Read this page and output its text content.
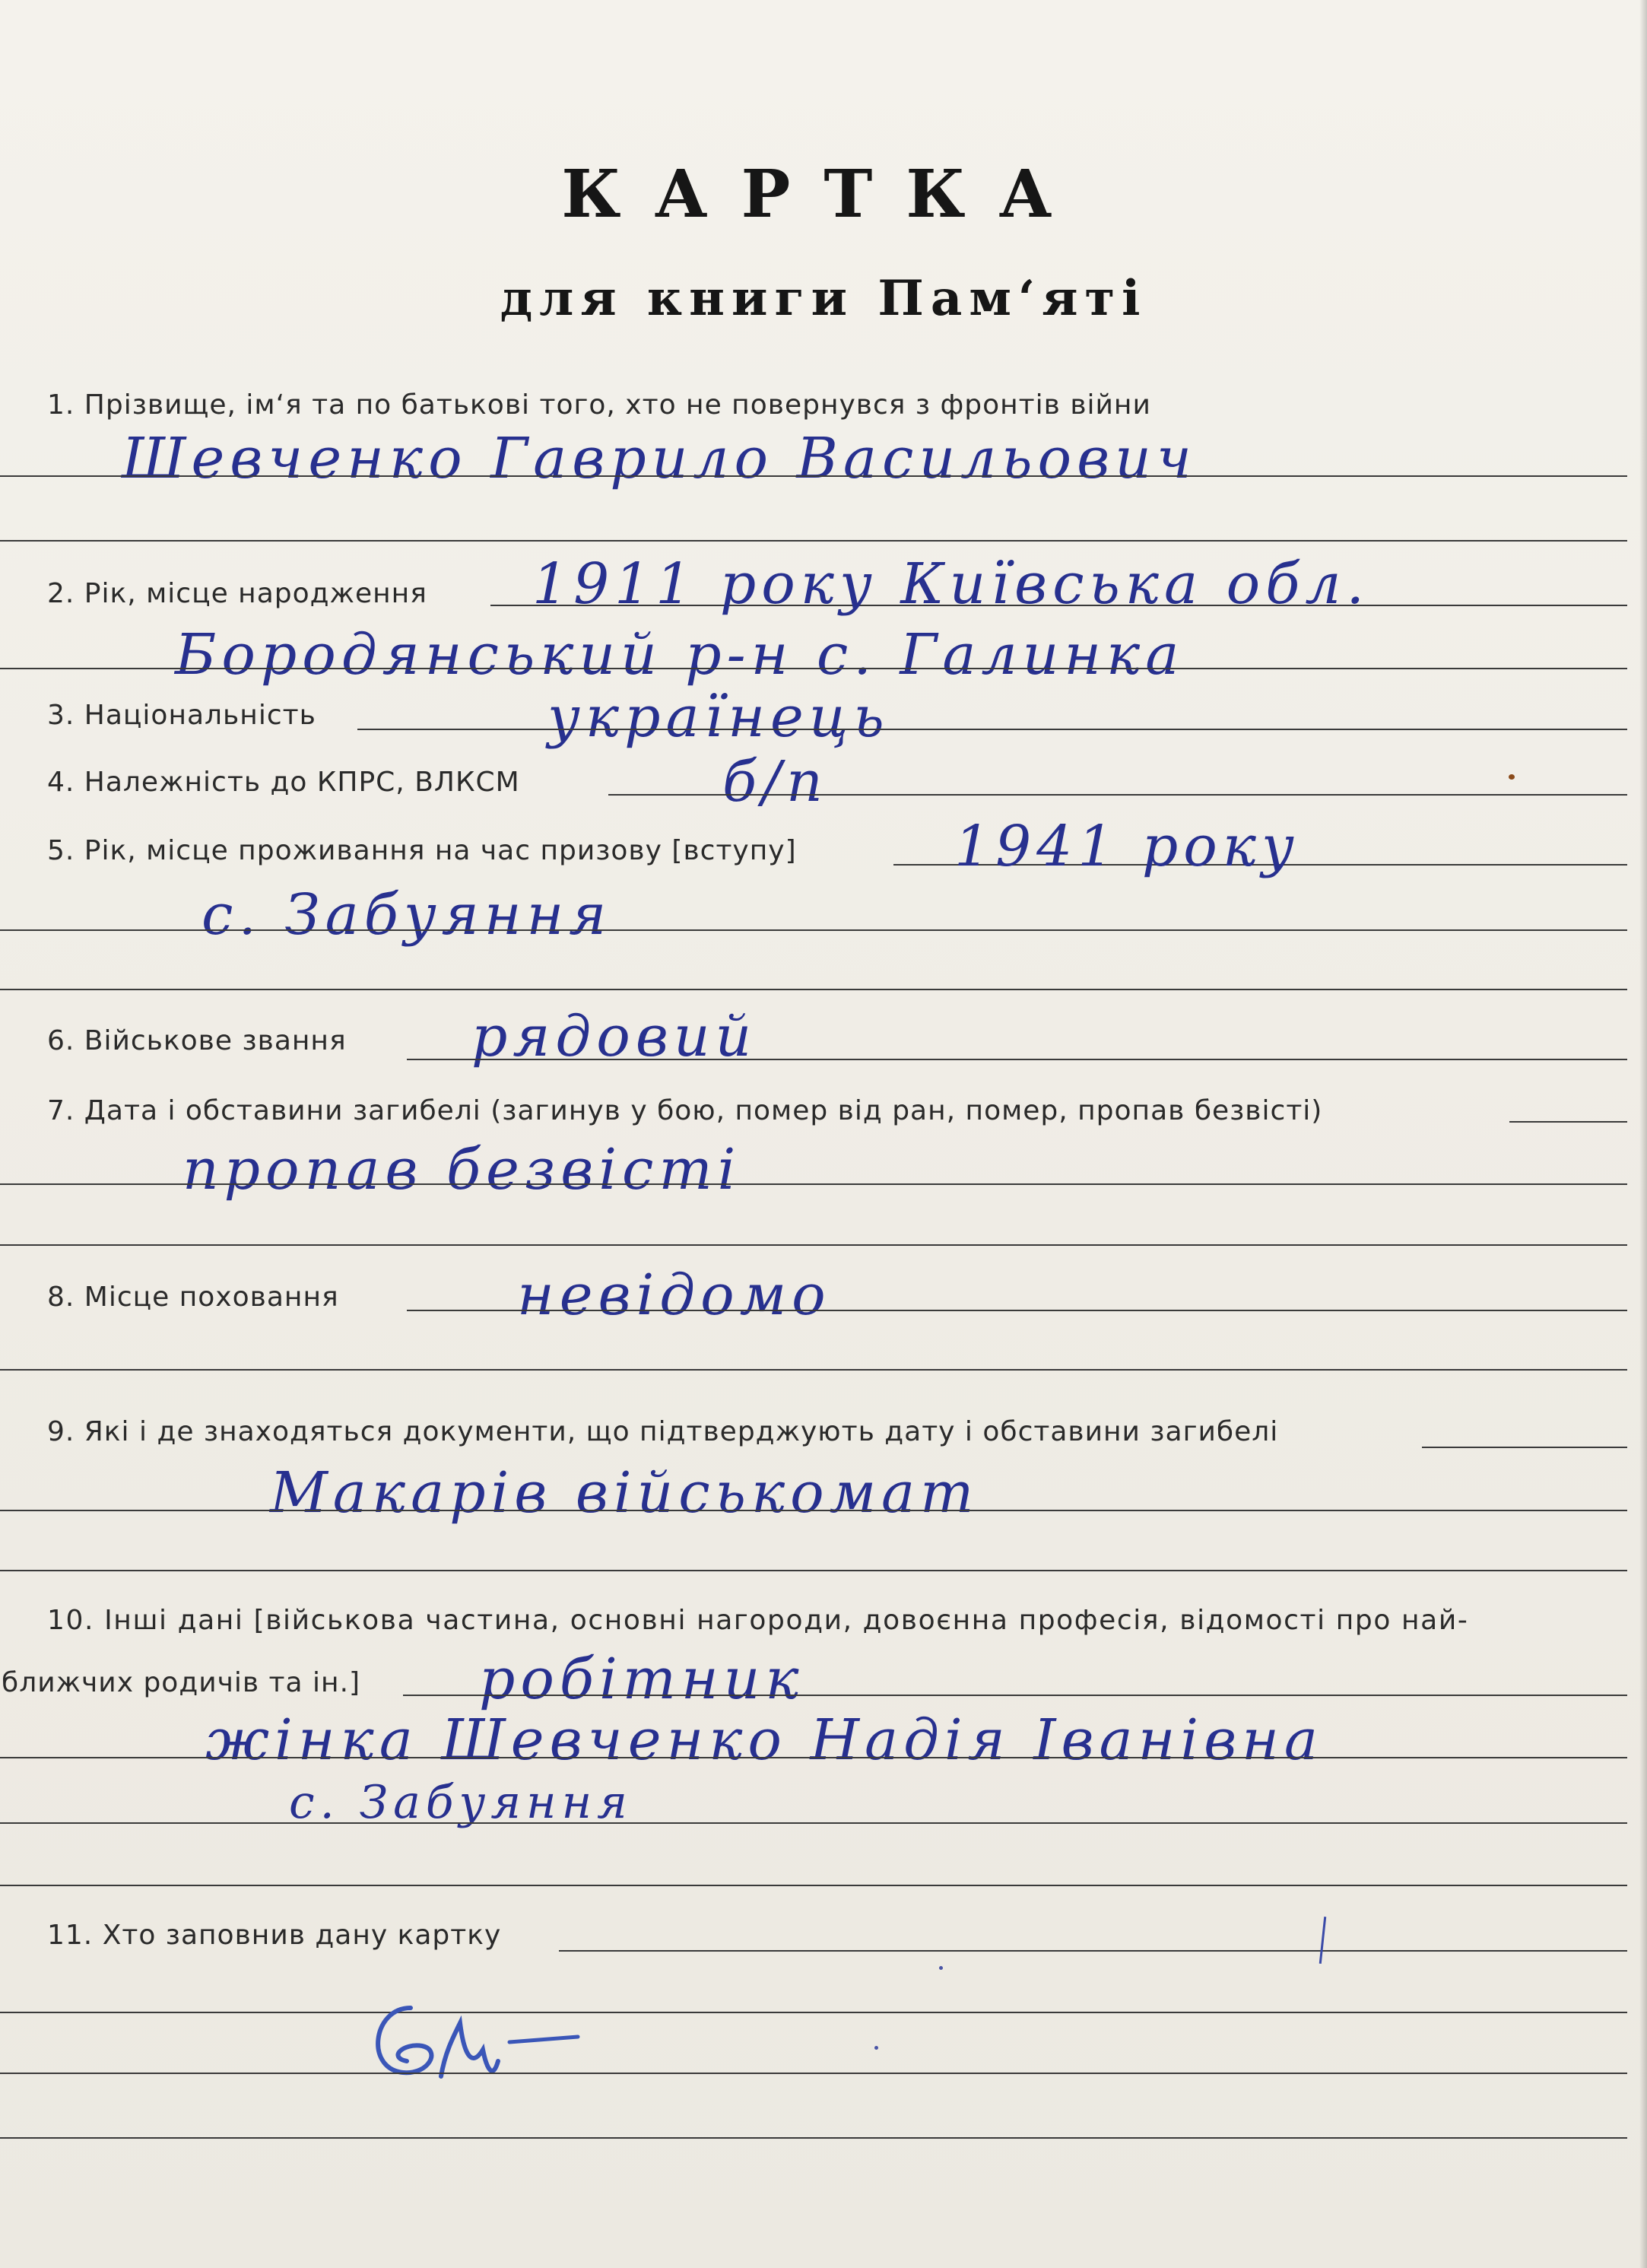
КАРТКА
для книги Пам‘яті
1. Прізвище, ім‘я та по батькові того, хто не повернувся з фронтів війни
Шевченко Гаврило Васильович
2. Рік, місце народження 1911 року Київська обл.
Бородянський р-н с. Галинка
3. Національність	українець
4. Належність до КПРС, ВЛКСМ	б/п
5. Рік, місце проживання на час призову [вступу]	1941 року
с. Забуяння
6. Військове звання рядовий
7. Дата і обставини загибелі (загинув у бою, помер від ран, помер, пропав безвісті)
пропав безвісті
8. Місце поховання	невідомо
9. Які і де знаходяться документи, що підтверджують дату і обставини загибелі
Макарів військомат
10. Інші дані [військова частина, основні нагороди, довоєнна професія, відомості про най-
ближчих родичів та ін.] робітник
жінка Шевченко Надія Іванівна
с. Забуяння
11. Хто заповнив дану картку
